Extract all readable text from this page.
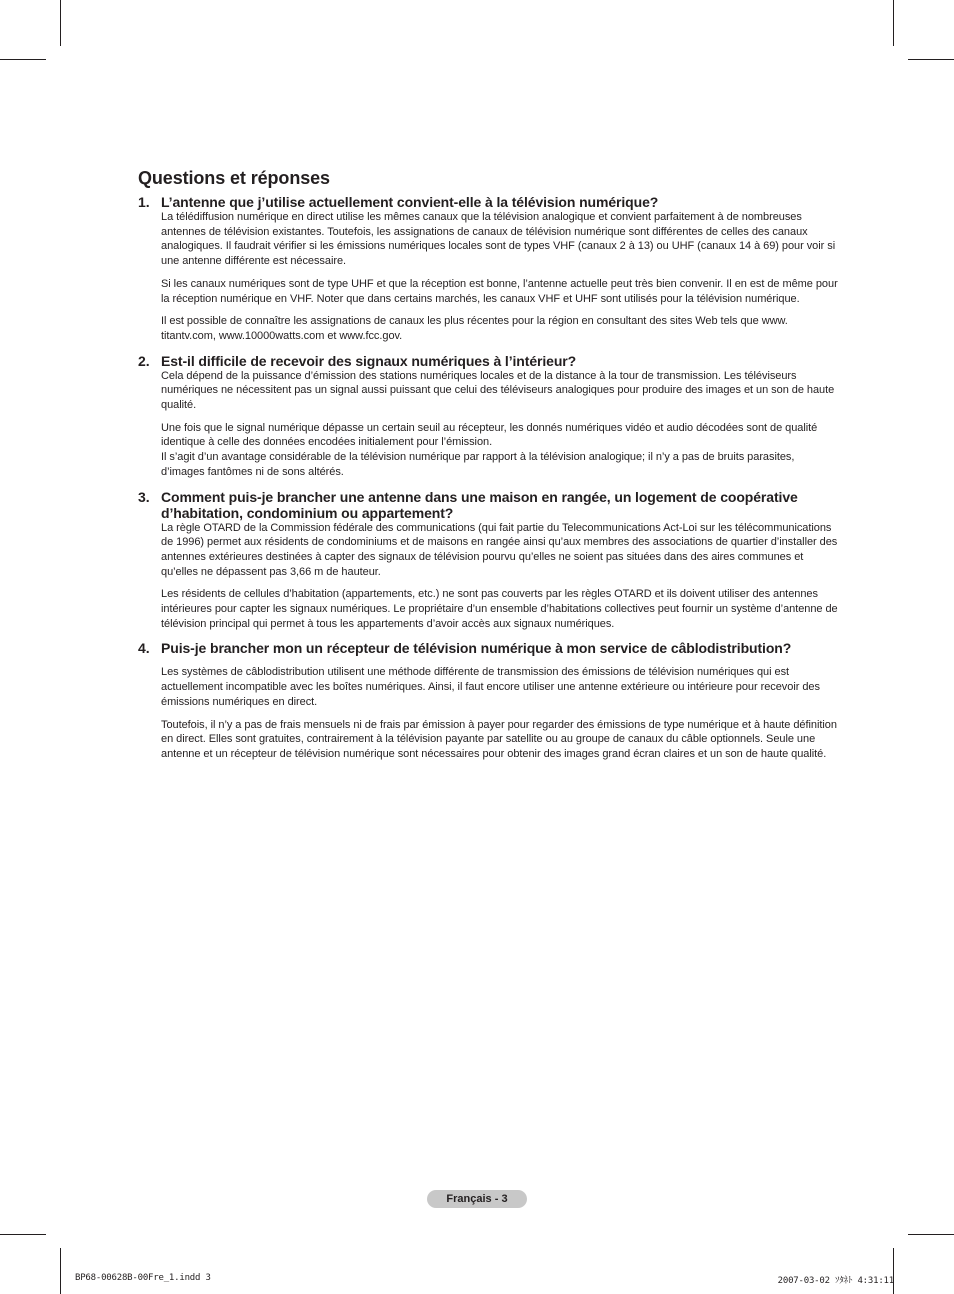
Questions et réponses
1. L’antenne que j’utilise actuellement convient-elle à la télévision numérique?

La télédiffusion numérique en direct utilise les mêmes canaux que la télévision analogique et convient parfaitement à de nombreuses antennes de télévision existantes. Toutefois, les assignations de canaux de télévision numérique sont différentes de celles des canaux analogiques. Il faudrait vérifier si les émissions numériques locales sont de types VHF (canaux 2 à 13) ou UHF (canaux 14 à 69) pour voir si une antenne différente est nécessaire.

Si les canaux numériques sont de type UHF et que la réception est bonne, l’antenne actuelle peut très bien convenir. Il en est de même pour la réception numérique en VHF. Noter que dans certains marchés, les canaux VHF et UHF sont utilisés pour la télévision numérique.

Il est possible de connaître les assignations de canaux les plus récentes pour la région en consultant des sites Web tels que www. titantv.com, www.10000watts.com et www.fcc.gov.

2. Est-il difficile de recevoir des signaux numériques à l’intérieur?

Cela dépend de la puissance d’émission des stations numériques locales et de la distance à la tour de transmission. Les téléviseurs numériques ne nécessitent pas un signal aussi puissant que celui des téléviseurs analogiques pour produire des images et un son de haute qualité.

Une fois que le signal numérique dépasse un certain seuil au récepteur, les donnés numériques vidéo et audio décodées sont de qualité identique à celle des données encodées initialement pour l’émission.

Il s’agit d’un avantage considérable de la télévision numérique par rapport à la télévision analogique; il n’y a pas de bruits parasites, d’images fantômes ni de sons altérés.

3. Comment puis-je brancher une antenne dans une maison en rangée, un logement de coopérative d’habitation, condominium ou appartement?

La règle OTARD de la Commission fédérale des communications (qui fait partie du Telecommunications Act-Loi sur les télécommunications de 1996) permet aux résidents de condominiums et de maisons en rangée ainsi qu’aux membres des associations de quartier d’installer des antennes extérieures destinées à capter des signaux de télévision pourvu qu’elles ne soient pas situées dans des aires communes et qu’elles ne dépassent pas 3,66 m de hauteur.

Les résidents de cellules d’habitation (appartements, etc.) ne sont pas couverts par les règles OTARD et ils doivent utiliser des antennes intérieures pour capter les signaux numériques. Le propriétaire d’un ensemble d’habitations collectives peut fournir un système d’antenne de télévision principal qui permet à tous les appartements d’avoir accès aux signaux numériques.

4. Puis-je brancher mon un récepteur de télévision numérique à mon service de câblodistribution?

Les systèmes de câblodistribution utilisent une méthode différente de transmission des émissions de télévision numériques qui est actuellement incompatible avec les boîtes numériques. Ainsi, il faut encore utiliser une antenne extérieure ou intérieure pour recevoir des émissions numériques en direct.

Toutefois, il n’y a pas de frais mensuels ni de frais par émission à payer pour regarder des émissions de type numérique et à haute définition en direct. Elles sont gratuites, contrairement à la télévision payante par satellite ou au groupe de canaux du câble optionnels. Seule une antenne et un récepteur de télévision numérique sont nécessaires pour obtenir des images grand écran claires et un son de haute qualité.

Français - 3
BP68-00628B-00Fre_1.indd 3	2007-03-02 ｿﾀﾈﾄ 4:31:11
